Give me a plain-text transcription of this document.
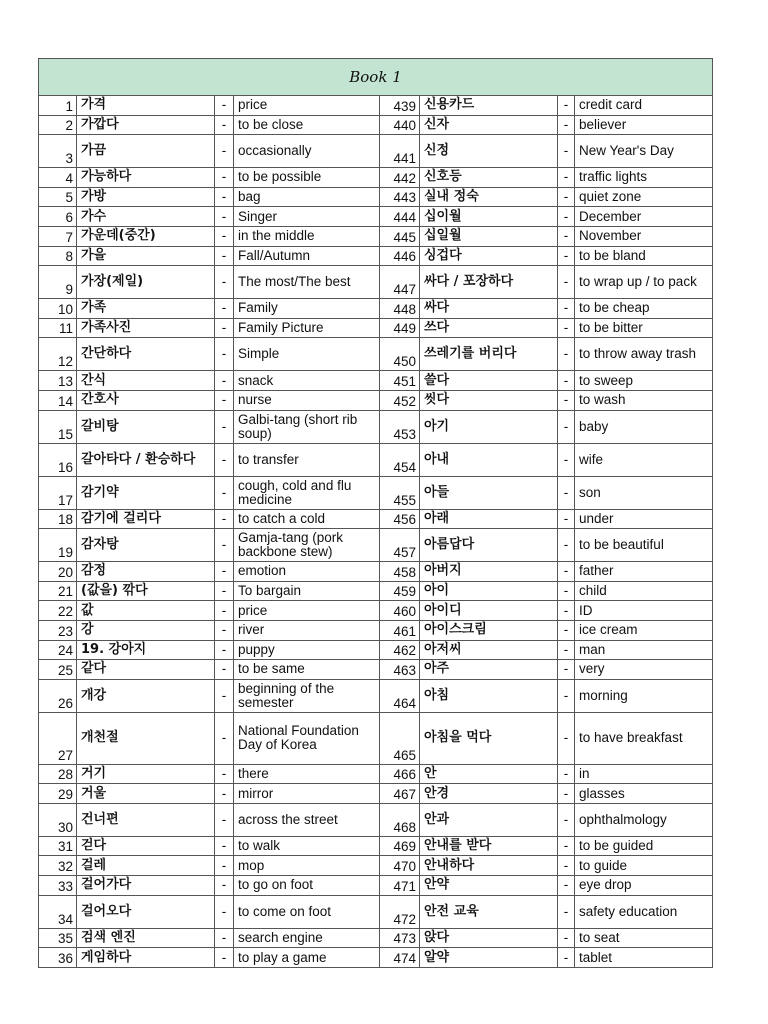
Book 1							
1	가격	-	price	439	신용카드	-	credit card
2	가깝다	-	to be close	440	신자	-	believer
3	가끔	-	occasionally	441	신정	-	New Year's Day
4	가능하다	-	to be possible	442	신호등	-	traffic lights
5	가방	-	bag	443	실내 정숙	-	quiet zone
6	가수	-	Singer	444	십이월	-	December
7	가운데(중간)	-	in the middle	445	십일월	-	November
8	가을	-	Fall/Autumn	446	싱겁다	-	to be bland
9	가장(제일)	-	The most/The best	447	싸다 / 포장하다	-	to wrap up / to pack
10	가족	-	Family	448	싸다	-	to be cheap
11	가족사진	-	Family Picture	449	쓰다	-	to be bitter
12	간단하다	-	Simple	450	쓰레기를 버리다	-	to throw away trash
13	간식	-	snack	451	쓸다	-	to sweep
14	간호사	-	nurse	452	씻다	-	to wash
15	갈비탕	-	Galbi-tang (short rib soup)	453	아기	-	baby
16	갈아타다 / 환승하다	-	to transfer	454	아내	-	wife
17	감기약	-	cough, cold and flu medicine	455	아들	-	son
18	감기에 걸리다	-	to catch a cold	456	아래	-	under
19	감자탕	-	Gamja-tang (pork backbone stew)	457	아름답다	-	to be beautiful
20	감정	-	emotion	458	아버지	-	father
21	(값을) 깎다	-	To bargain	459	아이	-	child
22	값	-	price	460	아이디	-	ID
23	강	-	river	461	아이스크림	-	ice cream
24	19. 강아지	-	puppy	462	아저씨	-	man
25	같다	-	to be same	463	아주	-	very
26	개강	-	beginning of the semester	464	아침	-	morning
27	개천절	-	National Foundation Day of Korea	465	아침을 먹다	-	to have breakfast
28	거기	-	there	466	안	-	in
29	거울	-	mirror	467	안경	-	glasses
30	건너편	-	across the street	468	안과	-	ophthalmology
31	걷다	-	to walk	469	안내를 받다	-	to be guided
32	걸레	-	mop	470	안내하다	-	to guide
33	걸어가다	-	to go on foot	471	안약	-	eye drop
34	걸어오다	-	to come on foot	472	안전 교육	-	safety education
35	검색 엔진	-	search engine	473	앉다	-	to seat
36	게임하다	-	to play a game	474	알약	-	tablet
